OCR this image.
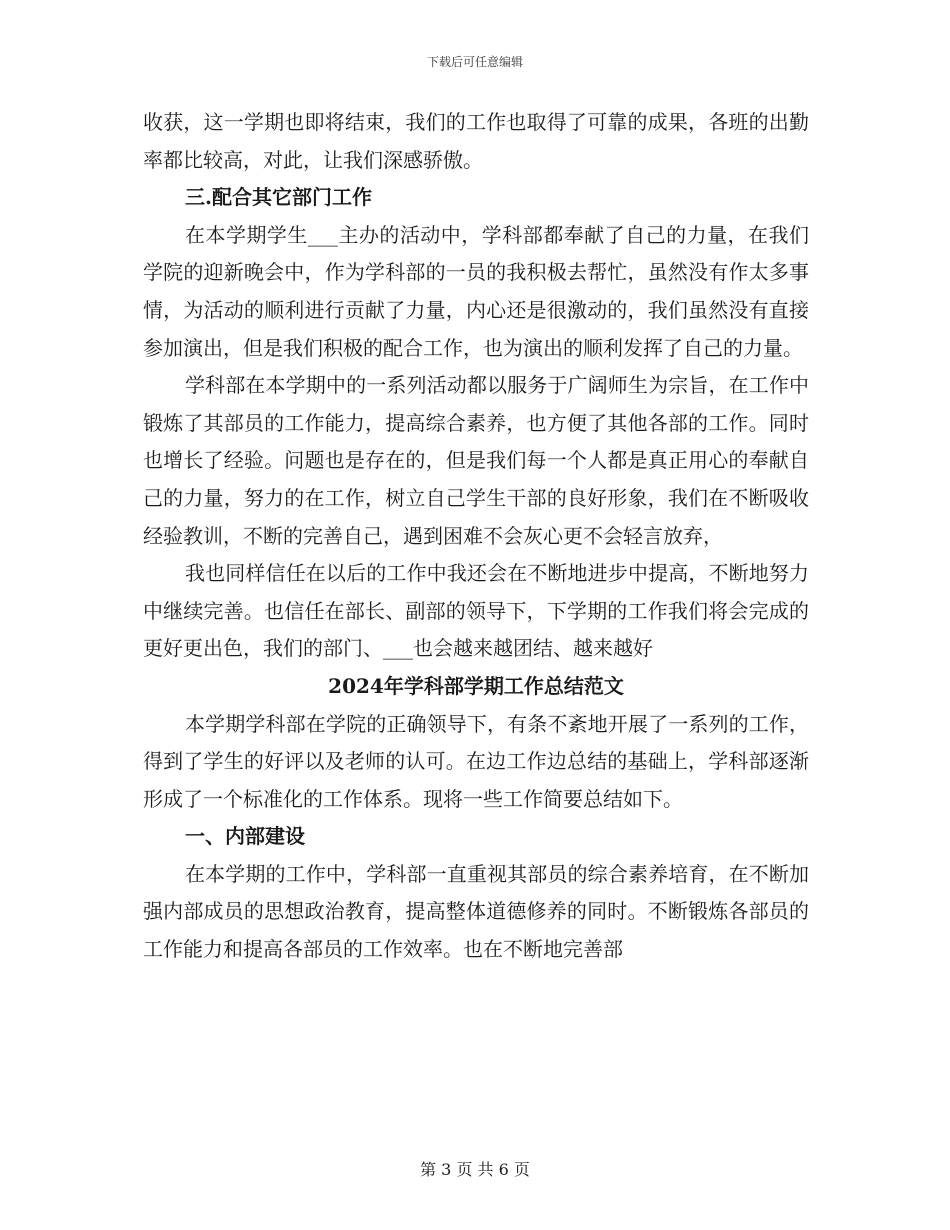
下载后可任意编辑

收获，这一学期也即将结束，我们的工作也取得了可靠的成果，各班的出勤率都比较高，对此，让我们深感骄傲。

三.配合其它部门工作

在本学期学生___主办的活动中，学科部都奉献了自己的力量，在我们学院的迎新晚会中，作为学科部的一员的我积极去帮忙，虽然没有作太多事情，为活动的顺利进行贡献了力量，内心还是很激动的，我们虽然没有直接参加演出，但是我们积极的配合工作，也为演出的顺利发挥了自己的力量。

学科部在本学期中的一系列活动都以服务于广阔师生为宗旨，在工作中锻炼了其部员的工作能力，提高综合素养，也方便了其他各部的工作。同时也增长了经验。问题也是存在的，但是我们每一个人都是真正用心的奉献自己的力量，努力的在工作，树立自己学生干部的良好形象，我们在不断吸收经验教训，不断的完善自己，遇到困难不会灰心更不会轻言放弃，

我也同样信任在以后的工作中我还会在不断地进步中提高，不断地努力中继续完善。也信任在部长、副部的领导下，下学期的工作我们将会完成的更好更出色，我们的部门、___也会越来越团结、越来越好

2024年学科部学期工作总结范文

本学期学科部在学院的正确领导下，有条不紊地开展了一系列的工作，得到了学生的好评以及老师的认可。在边工作边总结的基础上，学科部逐渐形成了一个标准化的工作体系。现将一些工作简要总结如下。

一、内部建设

在本学期的工作中，学科部一直重视其部员的综合素养培育，在不断加强内部成员的思想政治教育，提高整体道德修养的同时。不断锻炼各部员的工作能力和提高各部员的工作效率。也在不断地完善部

第 3 页 共 6 页
